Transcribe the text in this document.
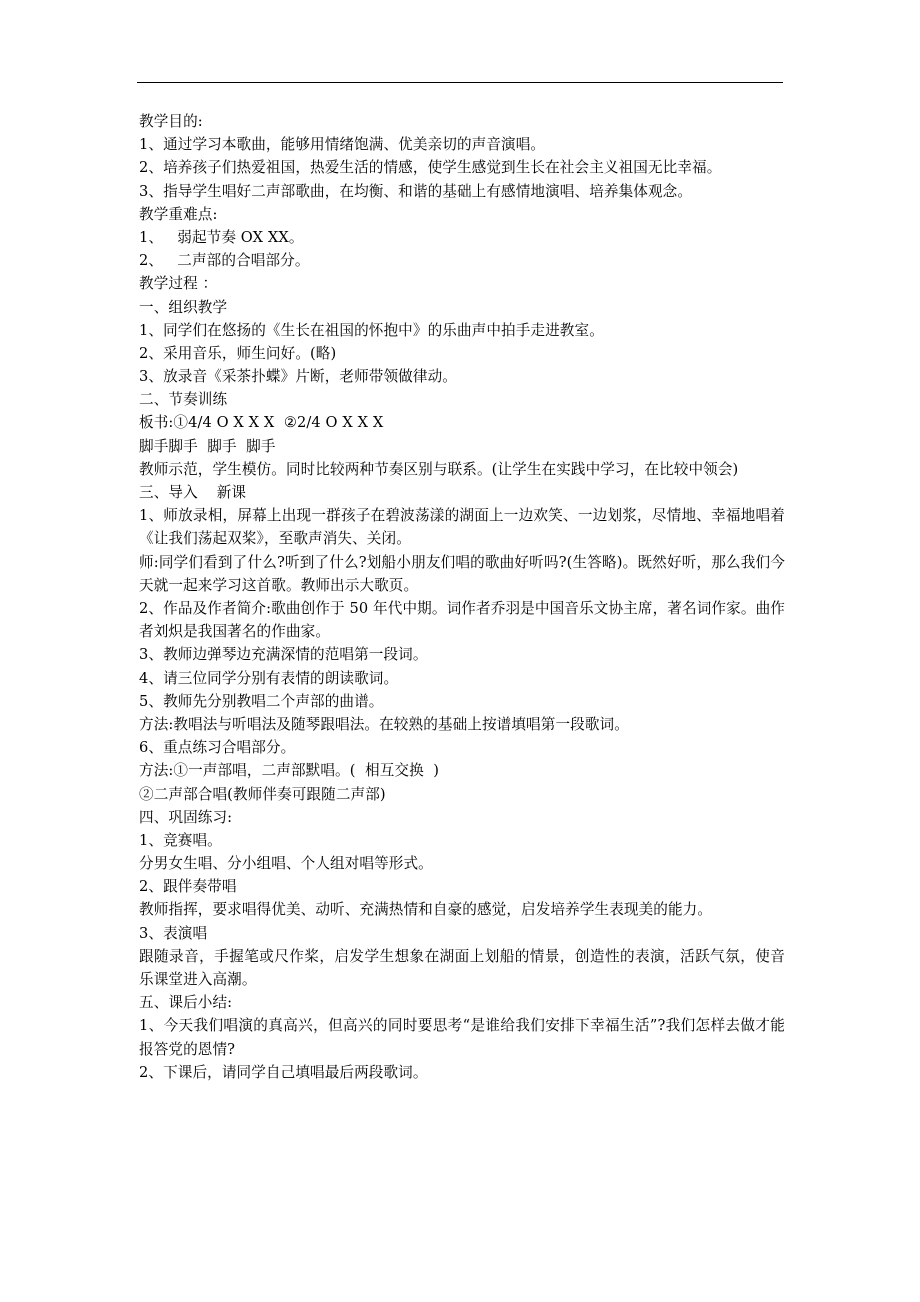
教学目的:
1、通过学习本歌曲，能够用情绪饱满、优美亲切的声音演唱。
2、培养孩子们热爱祖国，热爱生活的情感，使学生感觉到生长在社会主义祖国无比幸福。
3、指导学生唱好二声部歌曲，在均衡、和谐的基础上有感情地演唱、培养集体观念。
教学重难点:
1、   弱起节奏 OX XX。
2、   二声部的合唱部分。
教学过程 ：
一、组织教学
1、同学们在悠扬的《生长在祖国的怀抱中》的乐曲声中拍手走进教室。
2、采用音乐，师生问好。(略)
3、放录音《采茶扑蝶》片断，老师带领做律动。
二、节奏训练
板书:①4/4 O X X X  ②2/4 O X X X
脚手脚手  脚手  脚手
教师示范，学生模仿。同时比较两种节奏区别与联系。(让学生在实践中学习，在比较中领会)
三、导入    新课
1、师放录相，屏幕上出现一群孩子在碧波荡漾的湖面上一边欢笑、一边划浆，尽情地、幸福地唱着《让我们荡起双桨》，至歌声消失、关闭。
师:同学们看到了什么?听到了什么?划船小朋友们唱的歌曲好听吗?(生答略)。既然好听，那么我们今天就一起来学习这首歌。教师出示大歌页。
2、作品及作者简介:歌曲创作于 50 年代中期。词作者乔羽是中国音乐文协主席，著名词作家。曲作者刘炽是我国著名的作曲家。
3、教师边弹琴边充满深情的范唱第一段词。
4、请三位同学分别有表情的朗读歌词。
5、教师先分别教唱二个声部的曲谱。
方法:教唱法与听唱法及随琴跟唱法。在较熟的基础上按谱填唱第一段歌词。
6、重点练习合唱部分。
方法:①一声部唱，二声部默唱。(  相互交换  )
②二声部合唱(教师伴奏可跟随二声部)
四、巩固练习:
1、竞赛唱。
分男女生唱、分小组唱、个人组对唱等形式。
2、跟伴奏带唱
教师指挥，要求唱得优美、动听、充满热情和自豪的感觉，启发培养学生表现美的能力。
3、表演唱
跟随录音，手握笔或尺作桨，启发学生想象在湖面上划船的情景，创造性的表演，活跃气氛，使音乐课堂进入高潮。
五、课后小结:
1、今天我们唱演的真高兴，但高兴的同时要思考“是谁给我们安排下幸福生活”?我们怎样去做才能报答党的恩情?
2、下课后，请同学自己填唱最后两段歌词。
